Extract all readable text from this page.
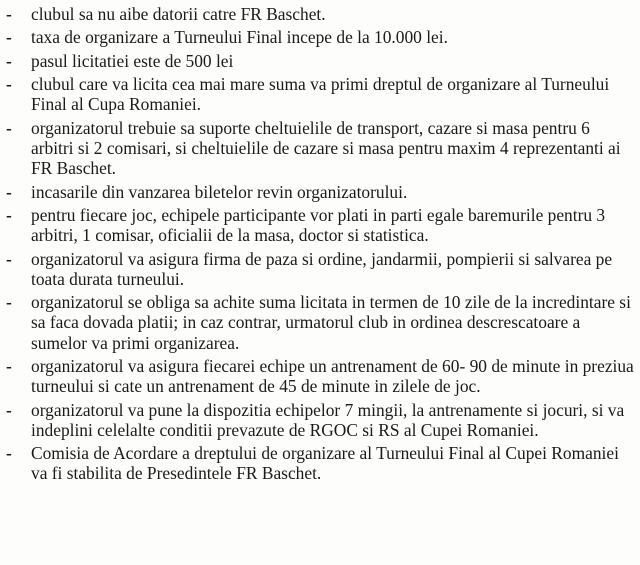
-	clubul sa nu aibe datorii catre FR Baschet.
-	taxa de organizare a Turneului Final incepe de la 10.000 lei.
-	pasul licitatiei este de 500 lei
-	clubul care va licita cea mai mare suma va primi dreptul de organizare al Turneului Final al Cupa Romaniei.
-	organizatorul trebuie sa suporte cheltuielile de transport, cazare si masa pentru 6 arbitri si 2 comisari, si cheltuielile de cazare si masa pentru maxim 4 reprezentanti ai FR Baschet.
-	incasarile din vanzarea biletelor revin organizatorului.
-	pentru fiecare joc, echipele participante vor plati in parti egale baremurile pentru 3 arbitri, 1 comisar, oficialii de la masa, doctor si statistica.
-	organizatorul va asigura firma de paza si ordine, jandarmii, pompierii si salvarea pe toata durata turneului.
-	organizatorul se obliga sa achite suma licitata in termen de 10 zile de la incredintare si sa faca dovada platii; in caz contrar, urmatorul club in ordinea descrescatoare a sumelor va primi organizarea.
-	organizatorul va asigura fiecarei echipe un antrenament de 60- 90 de minute in preziua turneului si cate un antrenament de 45 de minute in zilele de joc.
-	organizatorul va pune la dispozitia echipelor 7 mingii, la antrenamente si jocuri, si va indeplini celelalte conditii prevazute de RGOC si RS al Cupei Romaniei.
-	Comisia de Acordare a dreptului de organizare al Turneului Final al Cupei Romaniei va fi stabilita de Presedintele FR Baschet.
